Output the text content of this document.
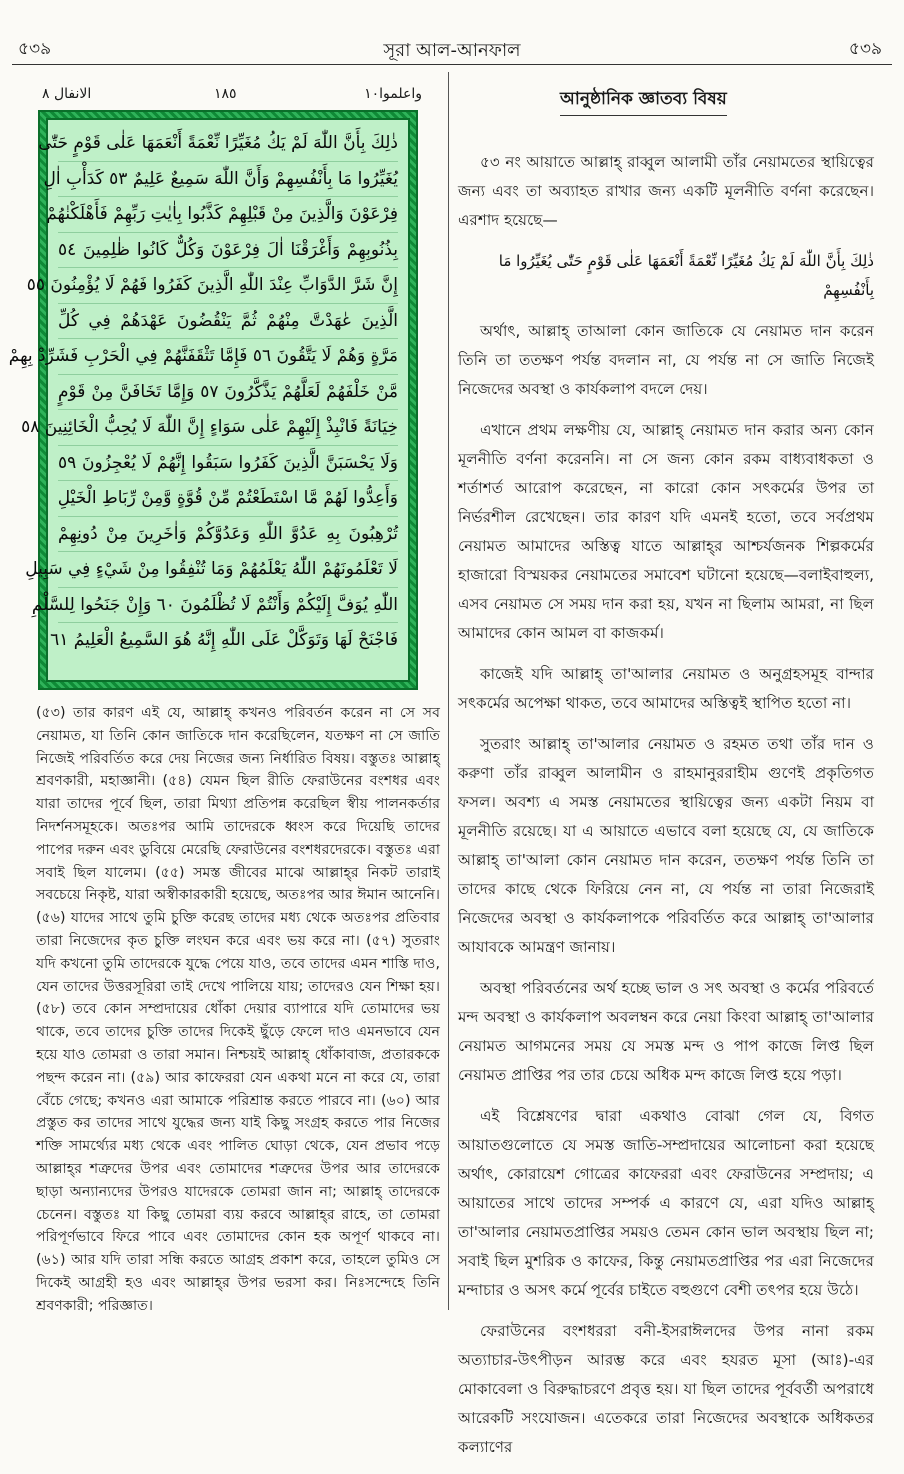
৫৩৯	সূরা আল-আনফাল	৫৩৯
الانفال ٨	١٨٥	واعلموا١٠
ذٰلِكَ بِأَنَّ اللّٰهَ لَمْ يَكُ مُغَيِّرًا نِّعْمَةً أَنْعَمَهَا عَلٰى قَوْمٍ حَتّٰى
يُغَيِّرُوا مَا بِأَنْفُسِهِمْ وَأَنَّ اللّٰهَ سَمِيعٌ عَلِيمٌ ٥٣ كَدَأْبِ اٰلِ
فِرْعَوْنَ وَالَّذِينَ مِنْ قَبْلِهِمْ كَذَّبُوا بِاٰيٰتِ رَبِّهِمْ فَأَهْلَكْنٰهُمْ
بِذُنُوبِهِمْ وَأَغْرَقْنَا اٰلَ فِرْعَوْنَ وَكُلٌّ كَانُوا ظٰلِمِينَ ٥٤
إِنَّ شَرَّ الدَّوَابِّ عِنْدَ اللّٰهِ الَّذِينَ كَفَرُوا فَهُمْ لَا يُؤْمِنُونَ ٥٥
الَّذِينَ عٰهَدْتَّ مِنْهُمْ ثُمَّ يَنْقُضُونَ عَهْدَهُمْ فِي كُلِّ
مَرَّةٍ وَهُمْ لَا يَتَّقُونَ ٥٦ فَإِمَّا تَثْقَفَنَّهُمْ فِي الْحَرْبِ فَشَرِّدْ بِهِمْ
مَّنْ خَلْفَهُمْ لَعَلَّهُمْ يَذَّكَّرُونَ ٥٧ وَإِمَّا تَخَافَنَّ مِنْ قَوْمٍ
خِيَانَةً فَانْبِذْ إِلَيْهِمْ عَلٰى سَوَاءٍ إِنَّ اللّٰهَ لَا يُحِبُّ الْخَائِنِينَ ٥٨
وَلَا يَحْسَبَنَّ الَّذِينَ كَفَرُوا سَبَقُوا إِنَّهُمْ لَا يُعْجِزُونَ ٥٩
وَأَعِدُّوا لَهُمْ مَّا اسْتَطَعْتُمْ مِّنْ قُوَّةٍ وَّمِنْ رِّبَاطِ الْخَيْلِ
تُرْهِبُونَ بِهِ عَدُوَّ اللّٰهِ وَعَدُوَّكُمْ وَاٰخَرِينَ مِنْ دُونِهِمْ
لَا تَعْلَمُونَهُمْ اللّٰهُ يَعْلَمُهُمْ وَمَا تُنْفِقُوا مِنْ شَيْءٍ فِي سَبِيلِ
اللّٰهِ يُوَفَّ إِلَيْكُمْ وَأَنْتُمْ لَا تُظْلَمُونَ ٦٠ وَإِنْ جَنَحُوا لِلسَّلْمِ
فَاجْنَحْ لَهَا وَتَوَكَّلْ عَلَى اللّٰهِ إِنَّهُ هُوَ السَّمِيعُ الْعَلِيمُ ٦١

(৫৩) তার কারণ এই যে, আল্লাহ্‌ কখনও পরিবর্তন করেন না সে সব নেয়ামত, যা তিনি কোন জাতিকে দান করেছিলেন, যতক্ষণ না সে জাতি নিজেই পরিবর্তিত করে দেয় নিজের জন্য নির্ধারিত বিষয়। বস্তুতঃ আল্লাহ্‌ শ্রবণকারী, মহাজ্ঞানী। (৫৪) যেমন ছিল রীতি ফেরাউনের বংশধর এবং যারা তাদের পূর্বে ছিল, তারা মিথ্যা প্রতিপন্ন করেছিল স্বীয় পালনকর্তার নিদর্শনসমূহকে। অতঃপর আমি তাদেরকে ধ্বংস করে দিয়েছি তাদের পাপের দরুন এবং ডুবিয়ে মেরেছি ফেরাউনের বংশধরদেরকে। বস্তুতঃ এরা সবাই ছিল যালেম। (৫৫) সমস্ত জীবের মাঝে আল্লাহ্‌র নিকট তারাই সবচেয়ে নিকৃষ্ট, যারা অস্বীকারকারী হয়েছে, অতঃপর আর ঈমান আনেনি। (৫৬) যাদের সাথে তুমি চুক্তি করেছ তাদের মধ্য থেকে অতঃপর প্রতিবার তারা নিজেদের কৃত চুক্তি লংঘন করে এবং ভয় করে না। (৫৭) সুতরাং যদি কখনো তুমি তাদেরকে যুদ্ধে পেয়ে যাও, তবে তাদের এমন শাস্তি দাও, যেন তাদের উত্তরসূরিরা তাই দেখে পালিয়ে যায়; তাদেরও যেন শিক্ষা হয়। (৫৮) তবে কোন সম্প্রদায়ের ধোঁকা দেয়ার ব্যাপারে যদি তোমাদের ভয় থাকে, তবে তাদের চুক্তি তাদের দিকেই ছুঁড়ে ফেলে দাও এমনভাবে যেন হয়ে যাও তোমরা ও তারা সমান। নিশ্চয়ই আল্লাহ্‌ ধোঁকাবাজ, প্রতারককে পছন্দ করেন না। (৫৯) আর কাফেররা যেন একথা মনে না করে যে, তারা বেঁচে গেছে; কখনও এরা আমাকে পরিশ্রান্ত করতে পারবে না। (৬০) আর প্রস্তুত কর তাদের সাথে যুদ্ধের জন্য যাই কিছু সংগ্রহ করতে পার নিজের শক্তি সামর্থ্যের মধ্য থেকে এবং পালিত ঘোড়া থেকে, যেন প্রভাব পড়ে আল্লাহ্‌র শত্রুদের উপর এবং তোমাদের শত্রুদের উপর আর তাদেরকে ছাড়া অন্যান্যদের উপরও যাদেরকে তোমরা জান না; আল্লাহ্‌ তাদেরকে চেনেন। বস্তুতঃ যা কিছু তোমরা ব্যয় করবে আল্লাহ্‌র রাহে, তা তোমরা পরিপূর্ণভাবে ফিরে পাবে এবং তোমাদের কোন হক অপূর্ণ থাকবে না। (৬১) আর যদি তারা সন্ধি করতে আগ্রহ প্রকাশ করে, তাহলে তুমিও সে দিকেই আগ্রহী হও এবং আল্লাহ্‌র উপর ভরসা কর। নিঃসন্দেহে তিনি শ্রবণকারী; পরিজ্ঞাত।

আনুষ্ঠানিক জ্ঞাতব্য বিষয়

৫৩ নং আয়াতে আল্লাহ্‌ রাব্বুল আলামী তাঁর নেয়ামতের স্থায়িত্বের জন্য এবং তা অব্যাহত রাখার জন্য একটি মূলনীতি বর্ণনা করেছেন। এরশাদ হয়েছে—

ذٰلِكَ بِأَنَّ اللّٰهَ لَمْ يَكُ مُغَيِّرًا نِّعْمَةً أَنْعَمَهَا عَلٰى قَوْمٍ حَتّٰى يُغَيِّرُوا مَا بِأَنْفُسِهِمْ

অর্থাৎ, আল্লাহ্‌ তাআলা কোন জাতিকে যে নেয়ামত দান করেন তিনি তা ততক্ষণ পর্যন্ত বদলান না, যে পর্যন্ত না সে জাতি নিজেই নিজেদের অবস্থা ও কার্যকলাপ বদলে দেয়।

এখানে প্রথম লক্ষণীয় যে, আল্লাহ্‌ নেয়ামত দান করার অন্য কোন মূলনীতি বর্ণনা করেননি। না সে জন্য কোন রকম বাধ্যবাধকতা ও শর্তাশর্ত আরোপ করেছেন, না কারো কোন সৎকর্মের উপর তা নির্ভরশীল রেখেছেন। তার কারণ যদি এমনই হতো, তবে সর্বপ্রথম নেয়ামত আমাদের অস্তিত্ব যাতে আল্লাহ্‌র আশ্চর্যজনক শিল্পকর্মের হাজারো বিস্ময়কর নেয়ামতের সমাবেশ ঘটানো হয়েছে—বলাইবাহুল্য, এসব নেয়ামত সে সময় দান করা হয়, যখন না ছিলাম আমরা, না ছিল আমাদের কোন আমল বা কাজকর্ম।

কাজেই যদি আল্লাহ্‌ তা'আলার নেয়ামত ও অনুগ্রহসমূহ বান্দার সৎকর্মের অপেক্ষা থাকত, তবে আমাদের অস্তিত্বই স্থাপিত হতো না।

সুতরাং আল্লাহ্‌ তা'আলার নেয়ামত ও রহমত তথা তাঁর দান ও করুণা তাঁর রাব্বুল আলামীন ও রাহমানুররাহীম গুণেই প্রকৃতিগত ফসল। অবশ্য এ সমস্ত নেয়ামতের স্থায়িত্বের জন্য একটা নিয়ম বা মূলনীতি রয়েছে। যা এ আয়াতে এভাবে বলা হয়েছে যে, যে জাতিকে আল্লাহ্‌ তা'আলা কোন নেয়ামত দান করেন, ততক্ষণ পর্যন্ত তিনি তা তাদের কাছে থেকে ফিরিয়ে নেন না, যে পর্যন্ত না তারা নিজেরাই নিজেদের অবস্থা ও কার্যকলাপকে পরিবর্তিত করে আল্লাহ্‌ তা'আলার আযাবকে আমন্ত্রণ জানায়।

অবস্থা পরিবর্তনের অর্থ হচ্ছে ভাল ও সৎ অবস্থা ও কর্মের পরিবর্তে মন্দ অবস্থা ও কার্যকলাপ অবলম্বন করে নেয়া কিংবা আল্লাহ্‌ তা'আলার নেয়ামত আগমনের সময় যে সমস্ত মন্দ ও পাপ কাজে লিপ্ত ছিল নেয়ামত প্রাপ্তির পর তার চেয়ে অধিক মন্দ কাজে লিপ্ত হয়ে পড়া।

এই বিশ্লেষণের দ্বারা একথাও বোঝা গেল যে, বিগত আয়াতগুলোতে যে সমস্ত জাতি-সম্প্রদায়ের আলোচনা করা হয়েছে অর্থাৎ, কোরায়েশ গোত্রের কাফেররা এবং ফেরাউনের সম্প্রদায়; এ আয়াতের সাথে তাদের সম্পর্ক এ কারণে যে, এরা যদিও আল্লাহ্‌ তা'আলার নেয়ামতপ্রাপ্তির সময়ও তেমন কোন ভাল অবস্থায় ছিল না; সবাই ছিল মুশরিক ও কাফের, কিন্তু নেয়ামতপ্রাপ্তির পর এরা নিজেদের মন্দাচার ও অসৎ কর্মে পূর্বের চাইতে বহুগুণে বেশী তৎপর হয়ে উঠে।

ফেরাউনের বংশধররা বনী-ইসরাঈলদের উপর নানা রকম অত্যাচার-উৎপীড়ন আরম্ভ করে এবং হযরত মূসা (আঃ)-এর মোকাবেলা ও বিরুদ্ধাচরণে প্রবৃত্ত হয়। যা ছিল তাদের পূর্ববর্তী অপরাধে আরেকটি সংযোজন। এতেকরে তারা নিজেদের অবস্থাকে অধিকতর কল্যাণের
